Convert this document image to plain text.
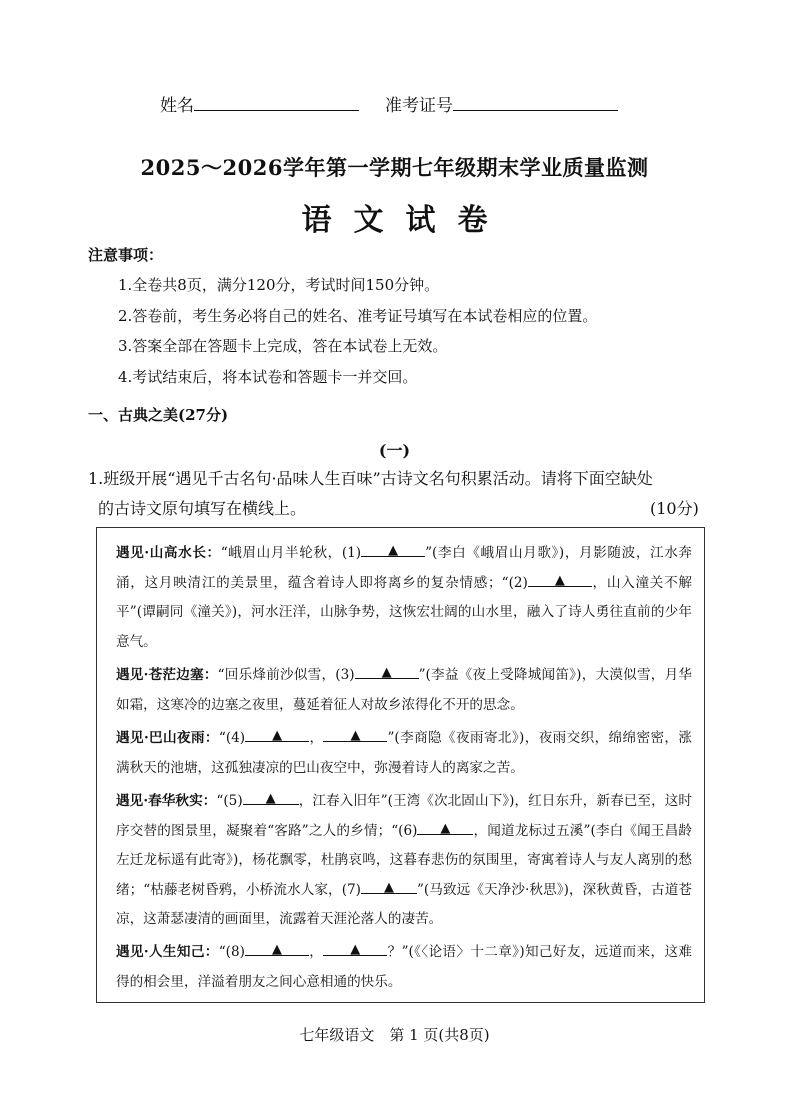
姓名	准考证号
2025～2026学年第一学期七年级期末学业质量监测
语文试卷
注意事项：
1.全卷共8页，满分120分，考试时间150分钟。
2.答卷前，考生务必将自己的姓名、准考证号填写在本试卷相应的位置。
3.答案全部在答题卡上完成，答在本试卷上无效。
4.考试结束后，将本试卷和答题卡一并交回。
一、古典之美(27分)
(一)
1.班级开展“遇见千古名句·品味人生百味”古诗文名句积累活动。请将下面空缺处
的古诗文原句填写在横线上。	(10分)

遇见·山高水长：“峨眉山月半轮秋，(1) ▲ ”(李白《峨眉山月歌》)，月影随波，江水奔涌，这月映清江的美景里，蕴含着诗人即将离乡的复杂情感；“(2) ▲ ，山入潼关不解平”(谭嗣同《潼关》)，河水汪洋，山脉争势，这恢宏壮阔的山水里，融入了诗人勇往直前的少年意气。

遇见·苍茫边塞：“回乐烽前沙似雪，(3) ▲ ”(李益《夜上受降城闻笛》)，大漠似雪，月华如霜，这寒冷的边塞之夜里，蔓延着征人对故乡浓得化不开的思念。

遇见·巴山夜雨：“(4) ▲ ， ▲ ”(李商隐《夜雨寄北》)，夜雨交织，绵绵密密，涨满秋天的池塘，这孤独凄凉的巴山夜空中，弥漫着诗人的离家之苦。

遇见·春华秋实：“(5) ▲ ，江春入旧年”(王湾《次北固山下》)，红日东升，新春已至，这时序交替的图景里，凝聚着“客路”之人的乡情；“(6) ▲ ，闻道龙标过五溪”(李白《闻王昌龄左迁龙标遥有此寄》)，杨花飘零，杜鹃哀鸣，这暮春悲伤的氛围里，寄寓着诗人与友人离别的愁绪；“枯藤老树昏鸦，小桥流水人家，(7) ▲ ”(马致远《天净沙·秋思》)，深秋黄昏，古道苍凉，这萧瑟凄清的画面里，流露着天涯沦落人的凄苦。

遇见·人生知己：“(8) ▲ ， ▲ ？”(《〈论语〉十二章》)知己好友，远道而来，这难得的相会里，洋溢着朋友之间心意相通的快乐。

七年级语文　第 1 页(共8页)
